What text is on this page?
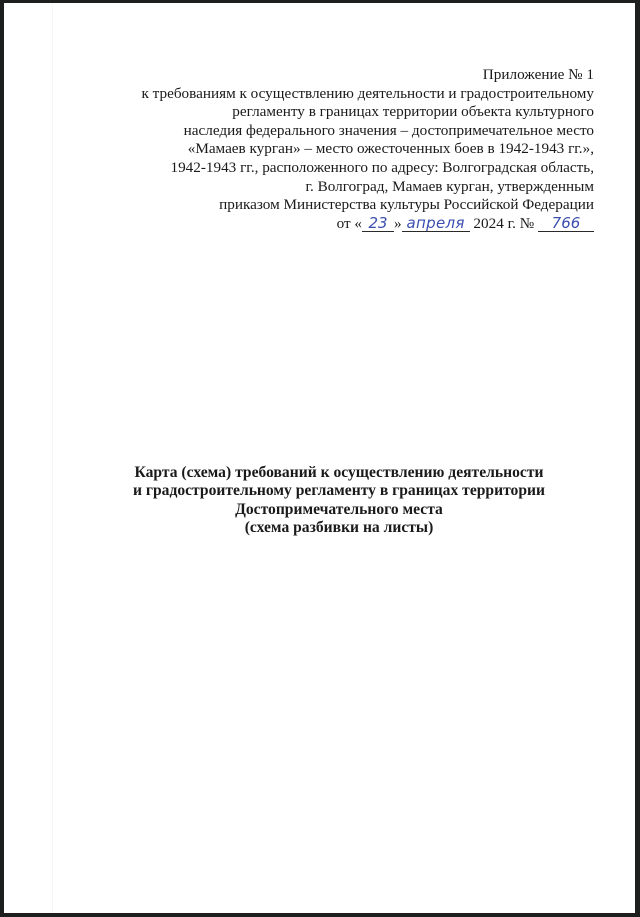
Приложение № 1
к требованиям к осуществлению деятельности и градостроительному
регламенту в границах территории объекта культурного
наследия федерального значения – достопримечательное место
«Мамаев курган» – место ожесточенных боев в 1942-1943 гг.»,
1942-1943 гг., расположенного по адресу: Волгоградская область,
г. Волгоград, Мамаев курган, утвержденным
приказом Министерства культуры Российской Федерации
от « 23 » апреля 2024 г. № 766
Карта (схема) требований к осуществлению деятельности
и градостроительному регламенту в границах территории
Достопримечательного места
(схема разбивки на листы)
